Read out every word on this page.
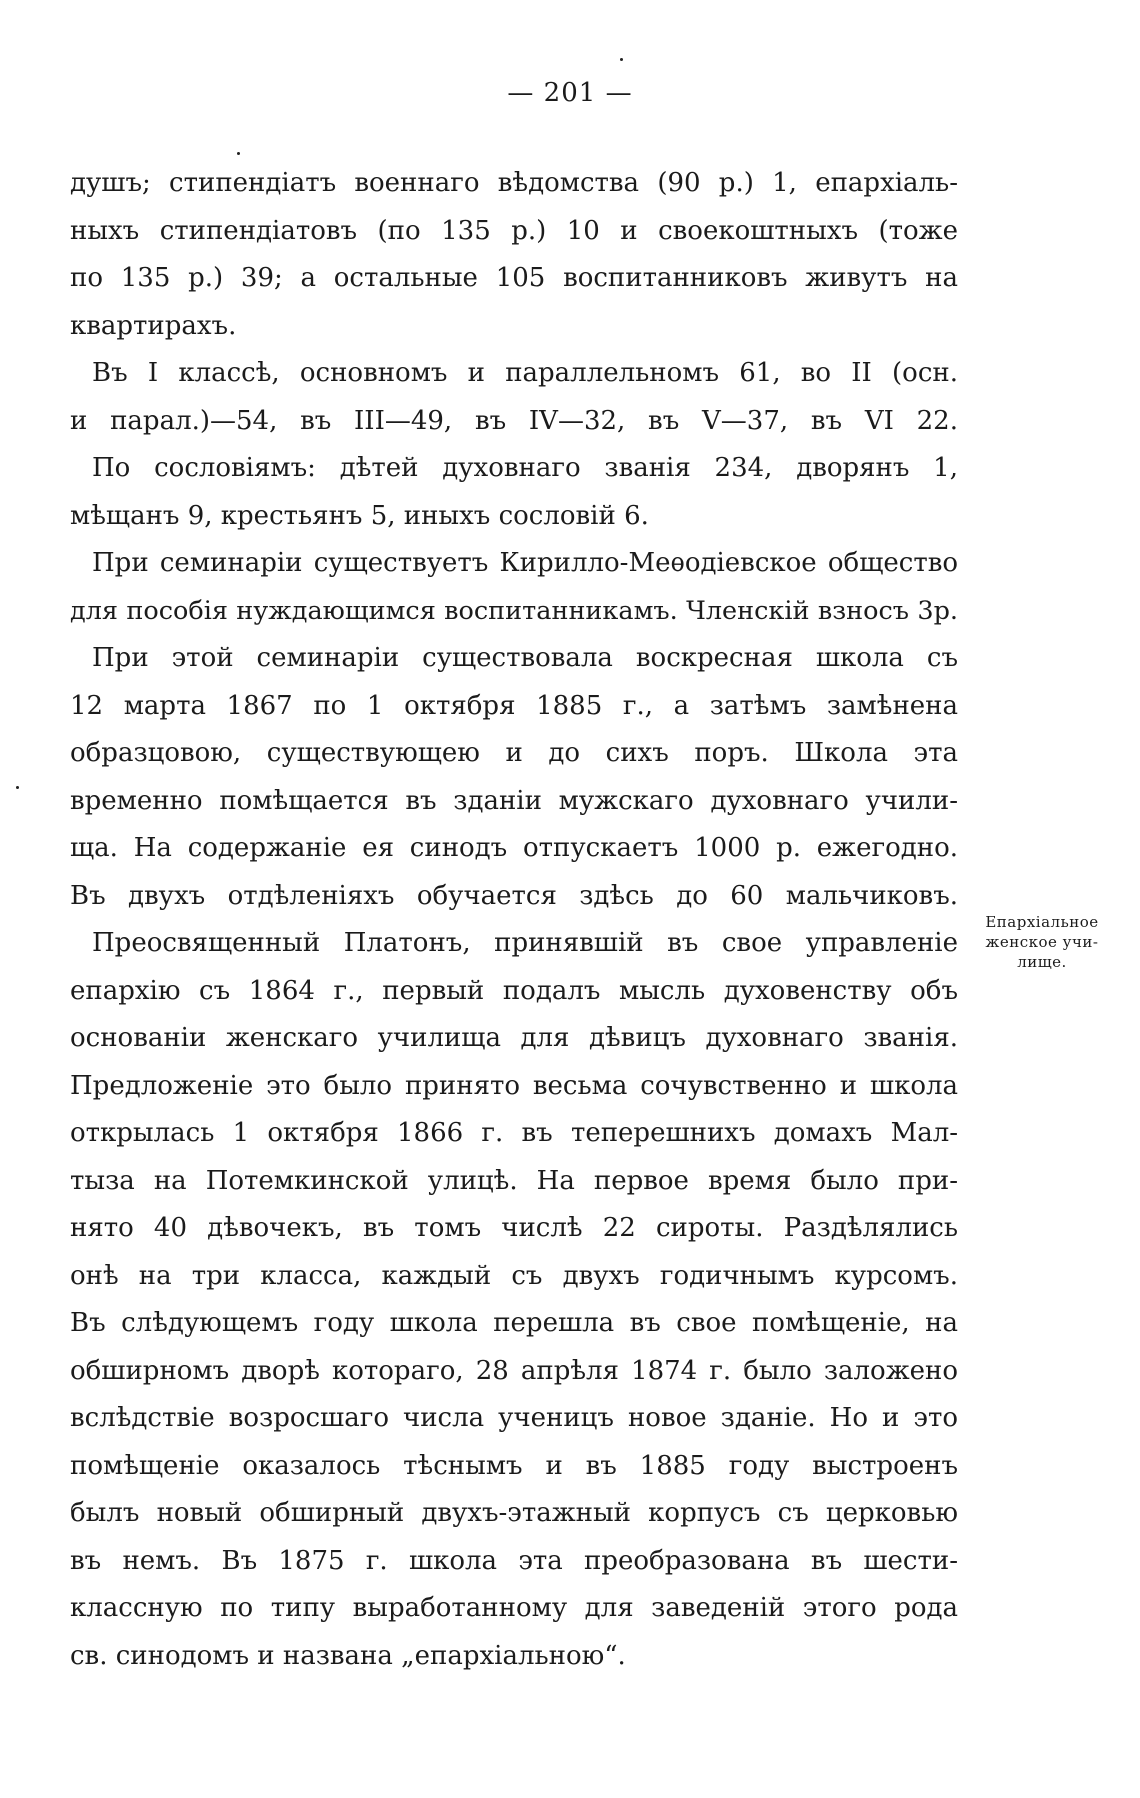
— 201 —
душъ; стипендіатъ военнаго вѣдомства (90 р.) 1, епархіаль-
ныхъ стипендіатовъ (по 135 р.) 10 и своекоштныхъ (тоже
по 135 р.) 39; а остальные 105 воспитанниковъ живутъ на
квартирахъ.
Въ I классѣ, основномъ и параллельномъ 61, во II (осн.
и парал.)—54, въ III—49, въ IV—32, въ V—37, въ VI 22.
По сословіямъ: дѣтей духовнаго званія 234, дворянъ 1,
мѣщанъ 9, крестьянъ 5, иныхъ сословій 6.
При семинаріи существуетъ Кирилло-Меѳодіевское общество
для пособія нуждающимся воспитанникамъ. Членскій взносъ 3р.
При этой семинаріи существовала воскресная школа съ
12 марта 1867 по 1 октября 1885 г., а затѣмъ замѣнена
образцовою, существующею и до сихъ поръ. Школа эта
временно помѣщается въ зданіи мужскаго духовнаго учили-
ща. На содержаніе ея синодъ отпускаетъ 1000 р. ежегодно.
Въ двухъ отдѣленіяхъ обучается здѣсь до 60 мальчиковъ.
Преосвященный Платонъ, принявшій въ свое управленіе
епархію съ 1864 г., первый подалъ мысль духовенству объ
основаніи женскаго училища для дѣвицъ духовнаго званія.
Предложеніе это было принято весьма сочувственно и школа
открылась 1 октября 1866 г. въ теперешнихъ домахъ Мал-
тыза на Потемкинской улицѣ. На первое время было при-
нято 40 дѣвочекъ, въ томъ числѣ 22 сироты. Раздѣлялись
онѣ на три класса, каждый съ двухъ годичнымъ курсомъ.
Въ слѣдующемъ году школа перешла въ свое помѣщеніе, на
обширномъ дворѣ котораго, 28 апрѣля 1874 г. было заложено
вслѣдствіе возросшаго числа ученицъ новое зданіе. Но и это
помѣщеніе оказалось тѣснымъ и въ 1885 году выстроенъ
былъ новый обширный двухъ-этажный корпусъ съ церковью
въ немъ. Въ 1875 г. школа эта преобразована въ шести-
классную по типу выработанному для заведеній этого рода
св. синодомъ и названа „епархіальною“.
Епархіальное
женское учи-
лище.
